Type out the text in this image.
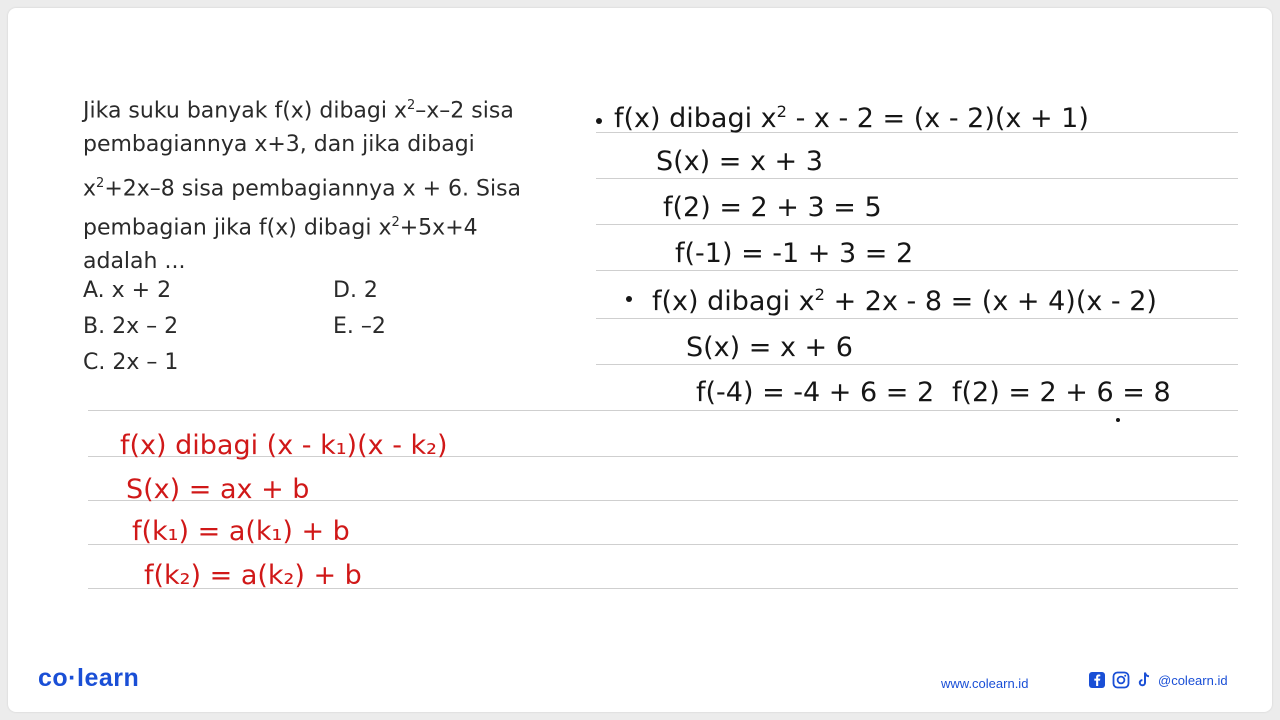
Jika suku banyak f(x) dibagi $x^2-x-2$ sisa
pembagiannya x+3, dan jika dibagi
$x^2+2x-8$ sisa pembagiannya x + 6. Sisa
pembagian jika f(x) dibagi $x^2+5x+4$
adalah ...
A. x + 2	D. 2
B. 2x – 2	E. –2
C. 2x – 1
f(x) dibagi $x^2 - x - 2 = (x - 2)(x + 1)$
S(x) = x + 3
f(2) = 2 + 3 = 5
f(-1) = -1 + 3 = 2
f(x) dibagi $x^2 + 2x - 8 = (x + 4)(x - 2)$
S(x) = x + 6
f(-4) = -4 + 6 = 2 f(2) = 2 + 6 = 8
f(x) dibagi (x - k₁)(x - k₂)
S(x) = ax + b
f(k₁) = a(k₁) + b
f(k₂) = a(k₂) + b
co·learn	www.colearn.id	@colearn.id
